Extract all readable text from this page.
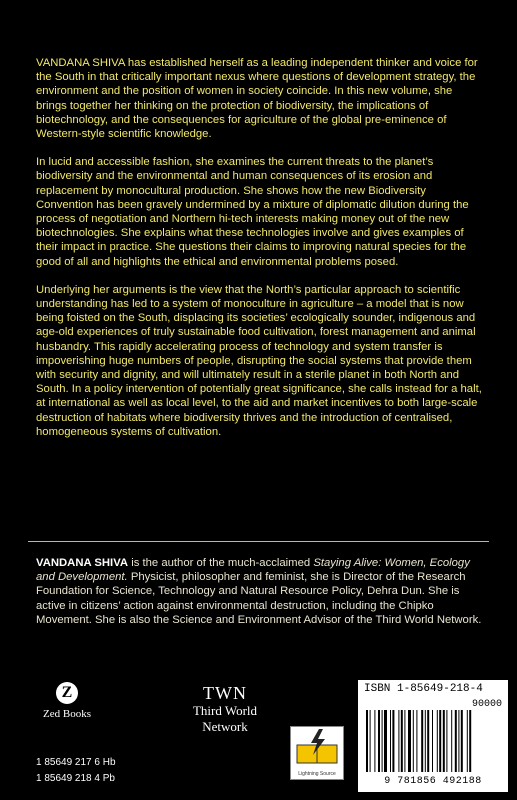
VANDANA SHIVA has established herself as a leading independent thinker and voice for the South in that critically important nexus where questions of development strategy, the environment and the position of women in society coincide. In this new volume, she brings together her thinking on the protection of biodiversity, the implications of biotechnology, and the consequences for agriculture of the global pre-eminence of Western-style scientific knowledge.

In lucid and accessible fashion, she examines the current threats to the planet’s biodiversity and the environmental and human consequences of its erosion and replacement by monocultural production. She shows how the new Biodiversity Convention has been gravely undermined by a mixture of diplomatic dilution during the process of negotiation and Northern hi-tech interests making money out of the new biotechnologies. She explains what these technologies involve and gives examples of their impact in practice. She questions their claims to improving natural species for the good of all and highlights the ethical and environmental problems posed.

Underlying her arguments is the view that the North’s particular approach to scientific understanding has led to a system of monoculture in agriculture – a model that is now being foisted on the South, displacing its societies’ ecologically sounder, indigenous and age-old experiences of truly sustainable food cultivation, forest management and animal husbandry. This rapidly accelerating process of technology and system transfer is impoverishing huge numbers of people, disrupting the social systems that provide them with security and dignity, and will ultimately result in a sterile planet in both North and South. In a policy intervention of potentially great significance, she calls instead for a halt, at international as well as local level, to the aid and market incentives to both large-scale destruction of habitats where biodiversity thrives and the introduction of centralised, homogeneous systems of cultivation.

VANDANA SHIVA is the author of the much-acclaimed Staying Alive: Women, Ecology and Development. Physicist, philosopher and feminist, she is Director of the Research Foundation for Science, Technology and Natural Resource Policy, Dehra Dun. She is active in citizens’ action against environmental destruction, including the Chipko Movement. She is also the Science and Environment Advisor of the Third World Network.
Z
Zed Books
TWN
Third World Network
1 85649 217 6 Hb
1 85649 218 4 Pb	Lightning Source
ISBN 1-85649-218-4
90000
9 781856 492188
